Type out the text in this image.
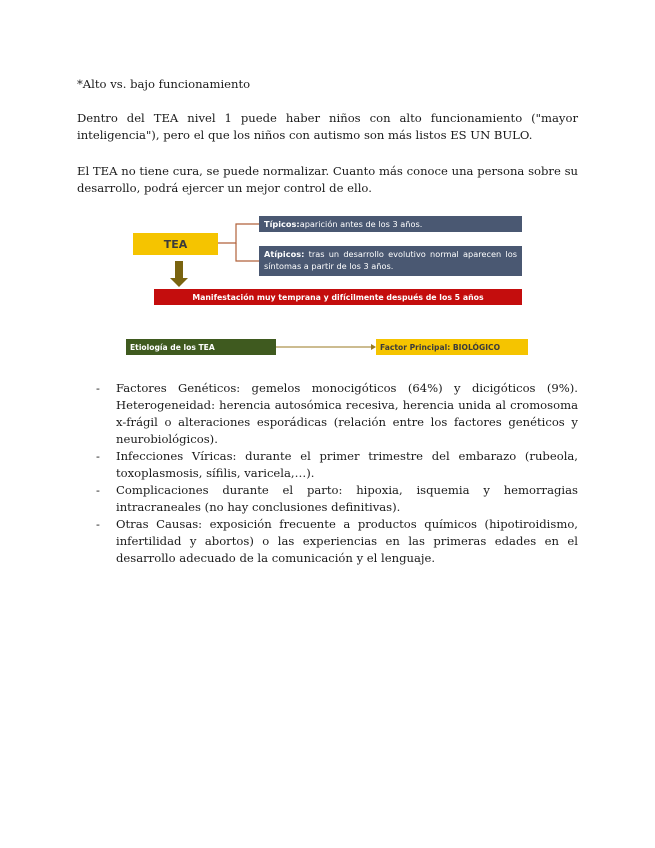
*Alto vs. bajo funcionamiento

Dentro del TEA nivel 1 puede haber niños con alto funcionamiento ("mayor inteligencia"), pero el que los niños con autismo son más listos ES UN BULO.

El TEA no tiene cura, se puede normalizar. Cuanto más conoce una persona sobre su desarrollo, podrá ejercer un mejor control de ello.

TEA
Típicos: aparición antes de los 3 años.
Atípicos: tras un desarrollo evolutivo normal aparecen los síntomas a partir de los 3 años.
Manifestación muy temprana y difícilmente después de los 5 años
Etiología de los TEA	Factor Principal: BIOLÓGICO
- Factores Genéticos: gemelos monocigóticos (64%) y dicigóticos (9%). Heterogeneidad: herencia autosómica recesiva, herencia unida al cromosoma x-frágil o alteraciones esporádicas (relación entre los factores genéticos y neurobiológicos).
- Infecciones Víricas: durante el primer trimestre del embarazo (rubeola, toxoplasmosis, sífilis, varicela,…).
- Complicaciones durante el parto: hipoxia, isquemia y hemorragias intracraneales (no hay conclusiones definitivas).
- Otras Causas: exposición frecuente a productos químicos (hipotiroidismo, infertilidad y abortos) o las experiencias en las primeras edades en el desarrollo adecuado de la comunicación y el lenguaje.
